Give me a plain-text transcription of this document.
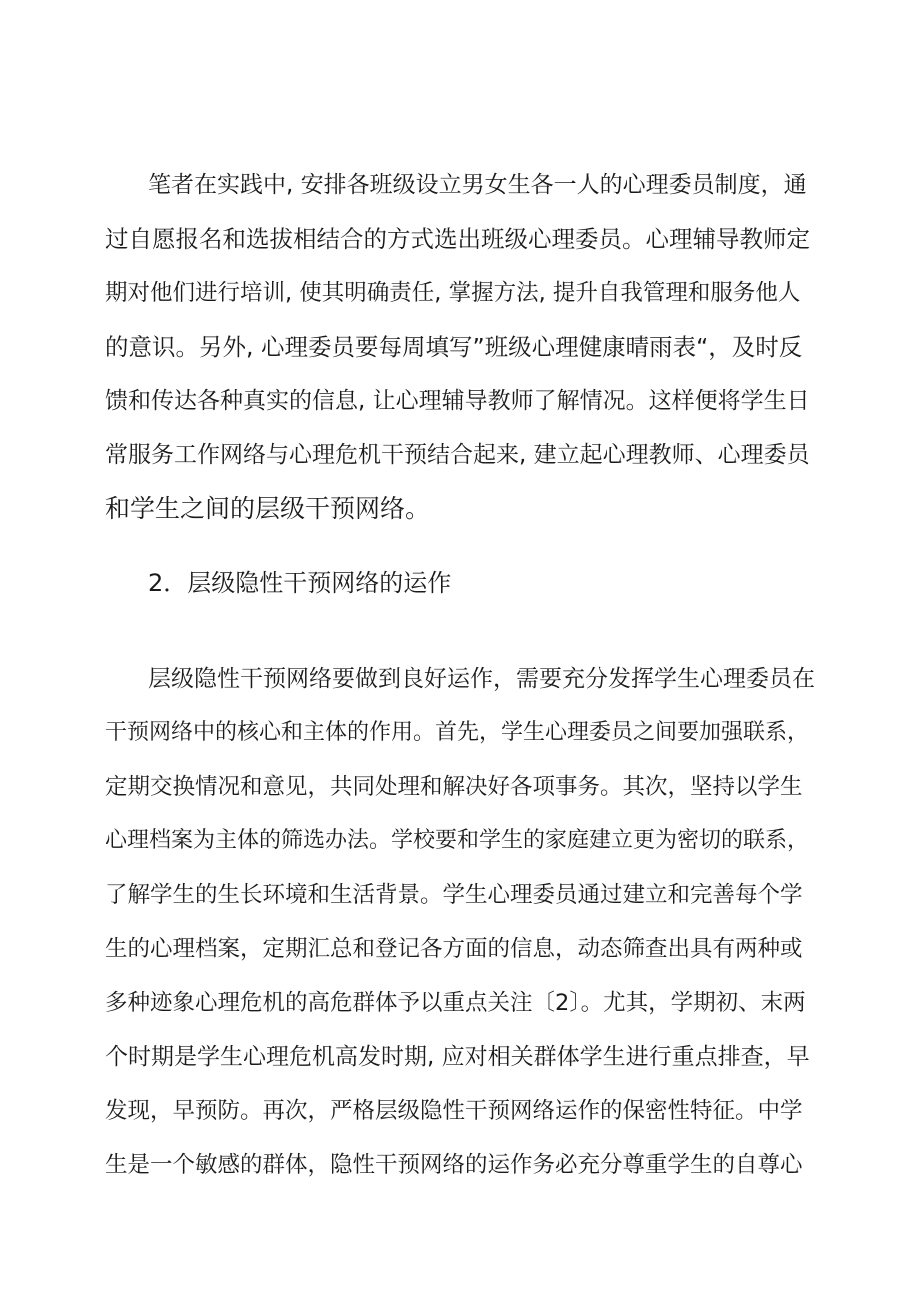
笔者在实践中, 安排各班级设立男女生各一人的心理委员制度，通
过自愿报名和选拔相结合的方式选出班级心理委员。心理辅导教师定
期对他们进行培训, 使其明确责任, 掌握方法, 提升自我管理和服务他人
的意识。另外, 心理委员要每周填写”班级心理健康晴雨表“，及时反
馈和传达各种真实的信息, 让心理辅导教师了解情况。这样便将学生日
常服务工作网络与心理危机干预结合起来, 建立起心理教师、心理委员
和学生之间的层级干预网络。
2．层级隐性干预网络的运作
层级隐性干预网络要做到良好运作，需要充分发挥学生心理委员在
干预网络中的核心和主体的作用。首先，学生心理委员之间要加强联系，
定期交换情况和意见，共同处理和解决好各项事务。其次，坚持以学生
心理档案为主体的筛选办法。学校要和学生的家庭建立更为密切的联系，
了解学生的生长环境和生活背景。学生心理委员通过建立和完善每个学
生的心理档案，定期汇总和登记各方面的信息，动态筛查出具有两种或
多种迹象心理危机的高危群体予以重点关注〔2〕。尤其，学期初、末两
个时期是学生心理危机高发时期, 应对相关群体学生进行重点排查，早
发现，早预防。再次，严格层级隐性干预网络运作的保密性特征。中学
生是一个敏感的群体，隐性干预网络的运作务必充分尊重学生的自尊心
